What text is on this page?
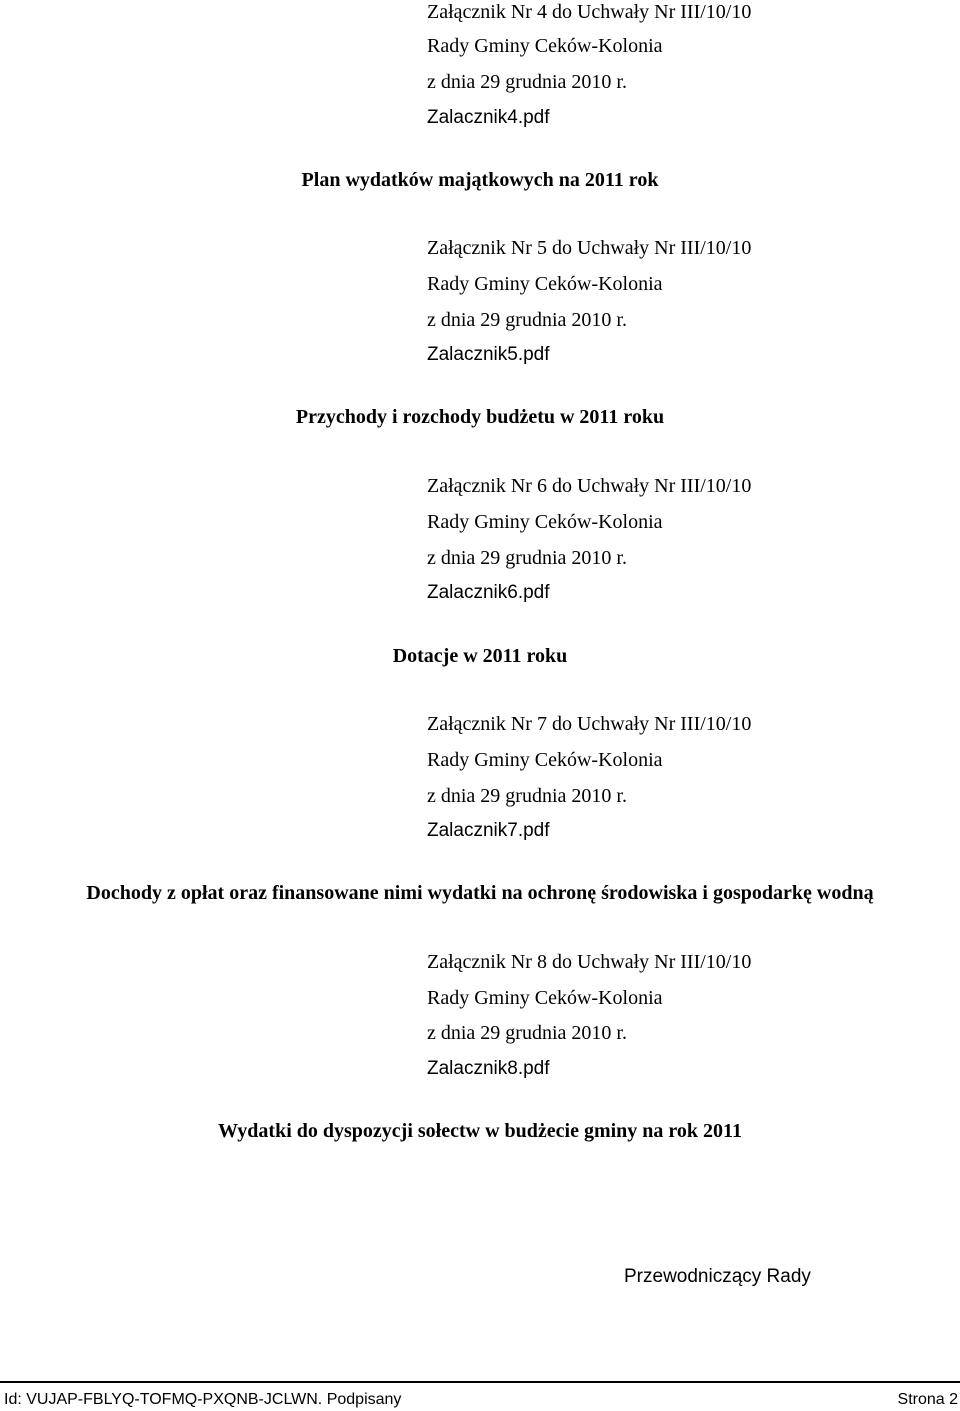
Załącznik Nr 4 do Uchwały Nr III/10/10
Rady Gminy Ceków-Kolonia
z dnia 29 grudnia 2010 r.
Zalacznik4.pdf
Plan wydatków majątkowych na 2011 rok
Załącznik Nr 5 do Uchwały Nr III/10/10
Rady Gminy Ceków-Kolonia
z dnia 29 grudnia 2010 r.
Zalacznik5.pdf
Przychody i rozchody budżetu w 2011 roku
Załącznik Nr 6 do Uchwały Nr III/10/10
Rady Gminy Ceków-Kolonia
z dnia 29 grudnia 2010 r.
Zalacznik6.pdf
Dotacje w 2011 roku
Załącznik Nr 7 do Uchwały Nr III/10/10
Rady Gminy Ceków-Kolonia
z dnia 29 grudnia 2010 r.
Zalacznik7.pdf
Dochody z opłat oraz finansowane nimi wydatki na ochronę środowiska i gospodarkę wodną
Załącznik Nr 8 do Uchwały Nr III/10/10
Rady Gminy Ceków-Kolonia
z dnia 29 grudnia 2010 r.
Zalacznik8.pdf
Wydatki do dyspozycji sołectw w budżecie gminy na rok 2011
Przewodniczący Rady
Id: VUJAP-FBLYQ-TOFMQ-PXQNB-JCLWN. Podpisany	Strona 2
